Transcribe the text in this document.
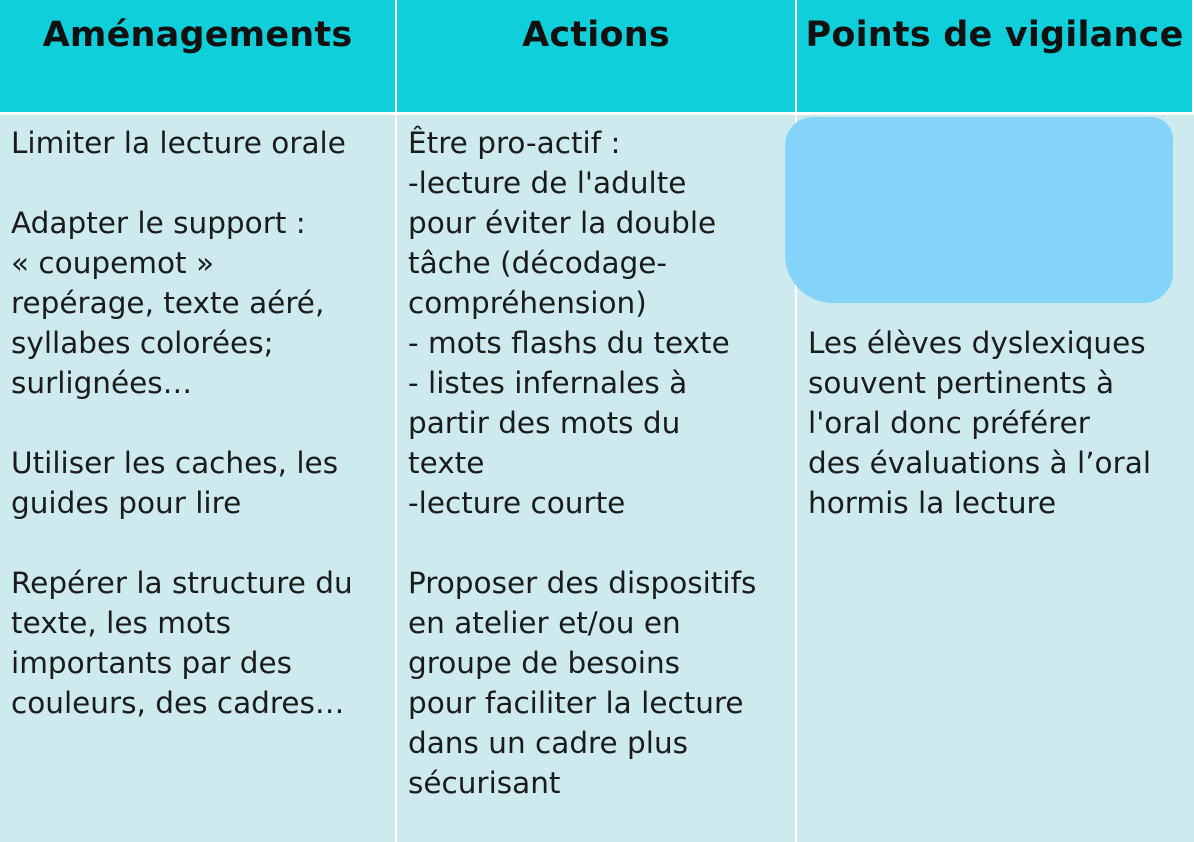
Aménagements	Actions	Points de vigilance
Limiter la lecture orale
Adapter le support :
« coupemot »
repérage, texte aéré,
syllabes colorées;
surlignées…
Utiliser les caches, les
guides pour lire
Repérer la structure du
texte, les mots
importants par des
couleurs, des cadres…
Être pro-actif :
-lecture de l'adulte
pour éviter la double
tâche (décodage-
compréhension)
- mots flashs du texte
- listes infernales à
partir des mots du
texte
-lecture courte
Proposer des dispositifs
en atelier et/ou en
groupe de besoins
pour faciliter la lecture
dans un cadre plus
sécurisant
Les élèves dyslexiques
souvent pertinents à
l'oral donc préférer
des évaluations à l’oral
hormis la lecture
